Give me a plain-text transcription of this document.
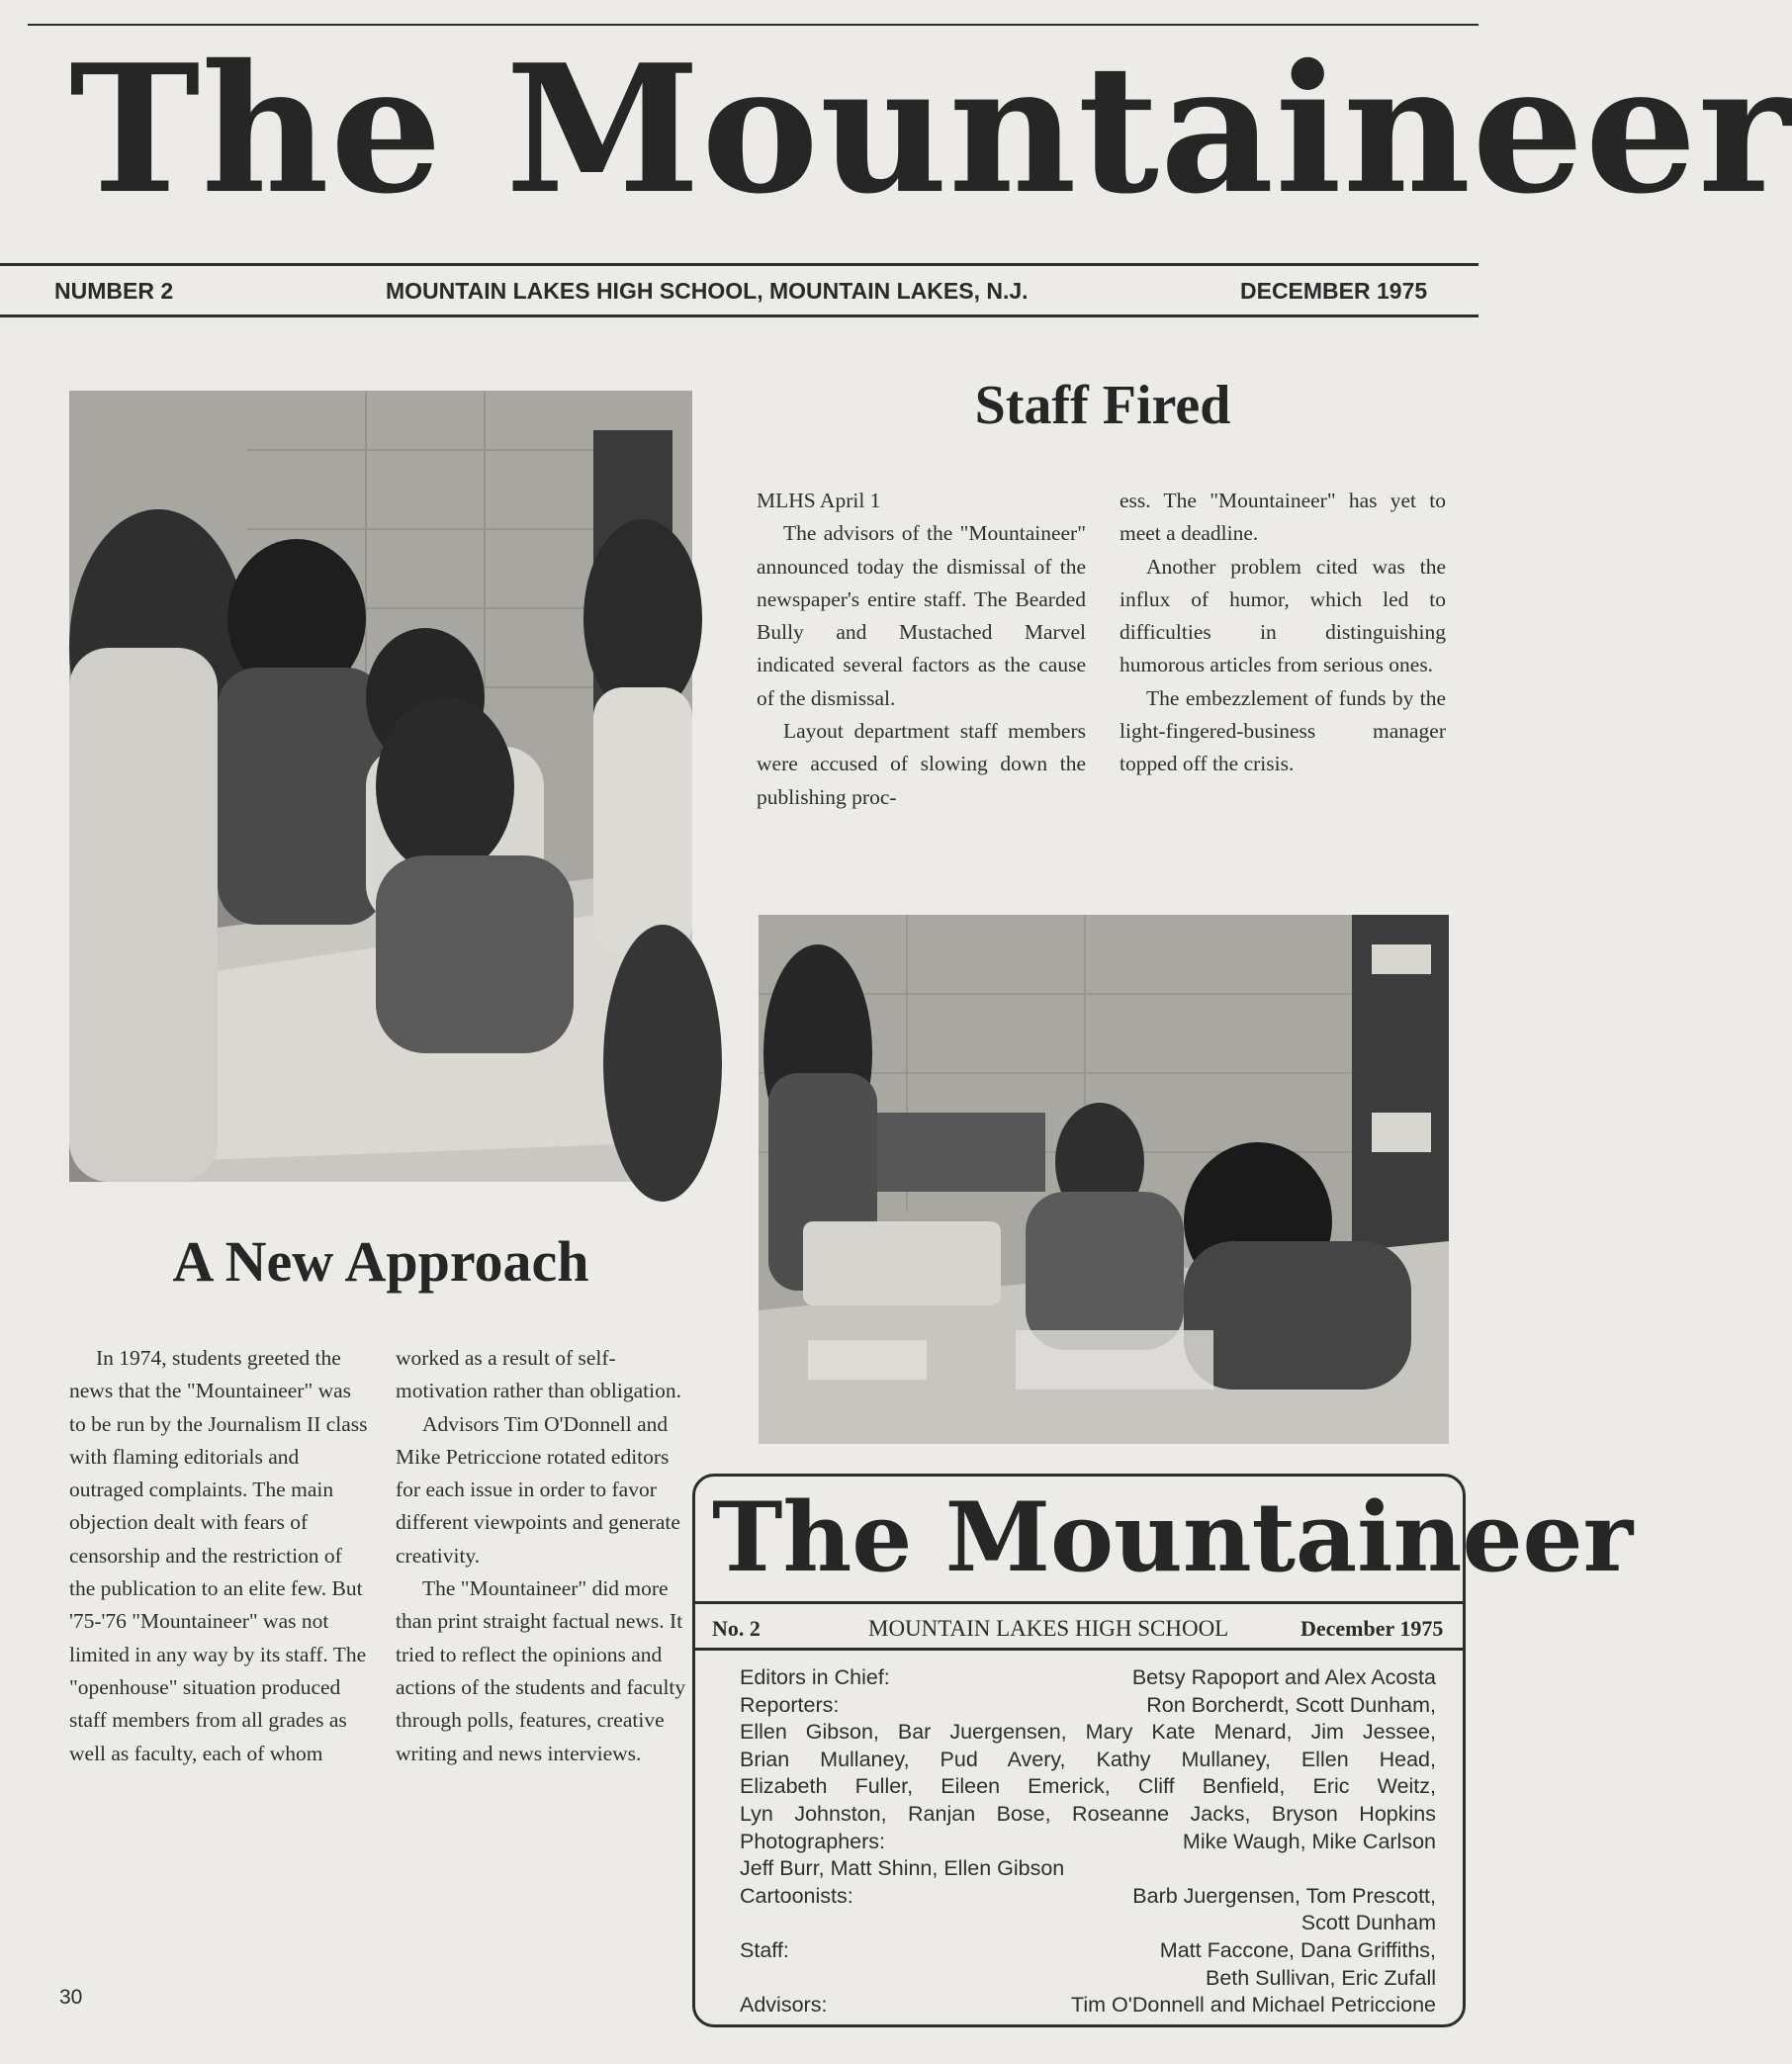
The Mountaineer
NUMBER 2	MOUNTAIN LAKES HIGH SCHOOL, MOUNTAIN LAKES, N.J.	DECEMBER 1975
Staff Fired

MLHS April 1

The advisors of the "Mountaineer" announced today the dismissal of the newspaper's entire staff. The Bearded Bully and Mustached Marvel indicated several factors as the cause of the dismissal.

Layout department staff members were accused of slowing down the publishing proc-

ess. The "Mountaineer" has yet to meet a deadline.

Another problem cited was the influx of humor, which led to difficulties in distinguishing humorous articles from serious ones.

The embezzlement of funds by the light-fingered-business manager topped off the crisis.

A New Approach

In 1974, students greeted the news that the "Mountaineer" was to be run by the Journalism II class with flaming editorials and outraged complaints. The main objection dealt with fears of censorship and the restriction of the publication to an elite few. But '75-'76 "Mountaineer" was not limited in any way by its staff. The "openhouse" situation produced staff members from all grades as well as faculty, each of whom

worked as a result of self-motivation rather than obligation.

Advisors Tim O'Donnell and Mike Petriccione rotated editors for each issue in order to favor different viewpoints and generate creativity.

The "Mountaineer" did more than print straight factual news. It tried to reflect the opinions and actions of the students and faculty through polls, features, creative writing and news interviews.

The Mountaineer
No. 2	MOUNTAIN LAKES HIGH SCHOOL	December 1975
Editors in Chief:	Betsy Rapoport and Alex Acosta
Reporters:	Ron Borcherdt, Scott Dunham,
Ellen Gibson, Bar Juergensen, Mary Kate Menard, Jim Jessee,
Brian Mullaney, Pud Avery, Kathy Mullaney, Ellen Head,
Elizabeth Fuller, Eileen Emerick, Cliff Benfield, Eric Weitz,
Lyn Johnston, Ranjan Bose, Roseanne Jacks, Bryson Hopkins
Photographers:	Mike Waugh, Mike Carlson
Jeff Burr, Matt Shinn, Ellen Gibson
Cartoonists:	Barb Juergensen, Tom Prescott,
Scott Dunham
Staff:	Matt Faccone, Dana Griffiths,
Beth Sullivan, Eric Zufall
Advisors:	Tim O'Donnell and Michael Petriccione
30
